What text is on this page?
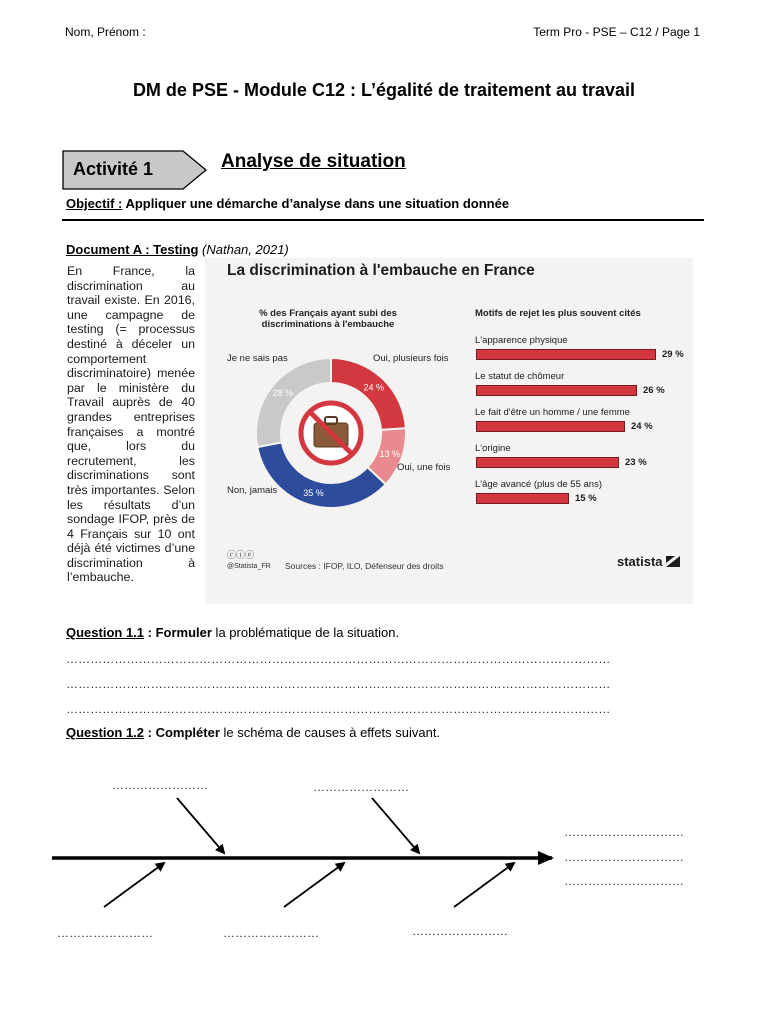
Nom, Prénom :	Term Pro - PSE – C12 / Page 1
DM de PSE - Module C12 : L’égalité de traitement au travail
Activité 1	Analyse de situation
Objectif : Appliquer une démarche d’analyse dans une situation donnée
Document A : Testing (Nathan, 2021)
En France, la discrimination au travail existe. En 2016, une campagne de testing (= processus destiné à déceler un comportement discriminatoire) menée par le ministère du Travail auprès de 40 grandes entreprises françaises a montré que, lors du recrutement, les discriminations sont très importantes. Selon les résultats d’un sondage IFOP, près de 4 Français sur 10 ont déjà été victimes d’une discrimination à l’embauche.
La discrimination à l'embauche en France
% des Français ayant subi des discriminations à l'embauche
Motifs de rejet les plus souvent cités
24 %
Oui, plusieurs fois
13 %
Oui, une fois
35 %
Non, jamais
28 %
Je ne sais pas
L'apparence physique
29 %
Le statut de chômeur
26 %
Le fait d'être un homme / une femme
24 %
L'origine
23 %
L'âge avancé (plus de 55 ans)
15 %
ⓒⓘⓔ
@Statista_FR Sources : IFOP, ILO, Défenseur des droits	statista
Question 1.1 : Formuler la problématique de la situation.
………………………………………………………………………………………………………………………
………………………………………………………………………………………………………………………
………………………………………………………………………………………………………………………
Question 1.2 : Compléter le schéma de causes à effets suivant.
……………………	……………………
……………………	……………………	……………………
…………………………
…………………………
…………………………
